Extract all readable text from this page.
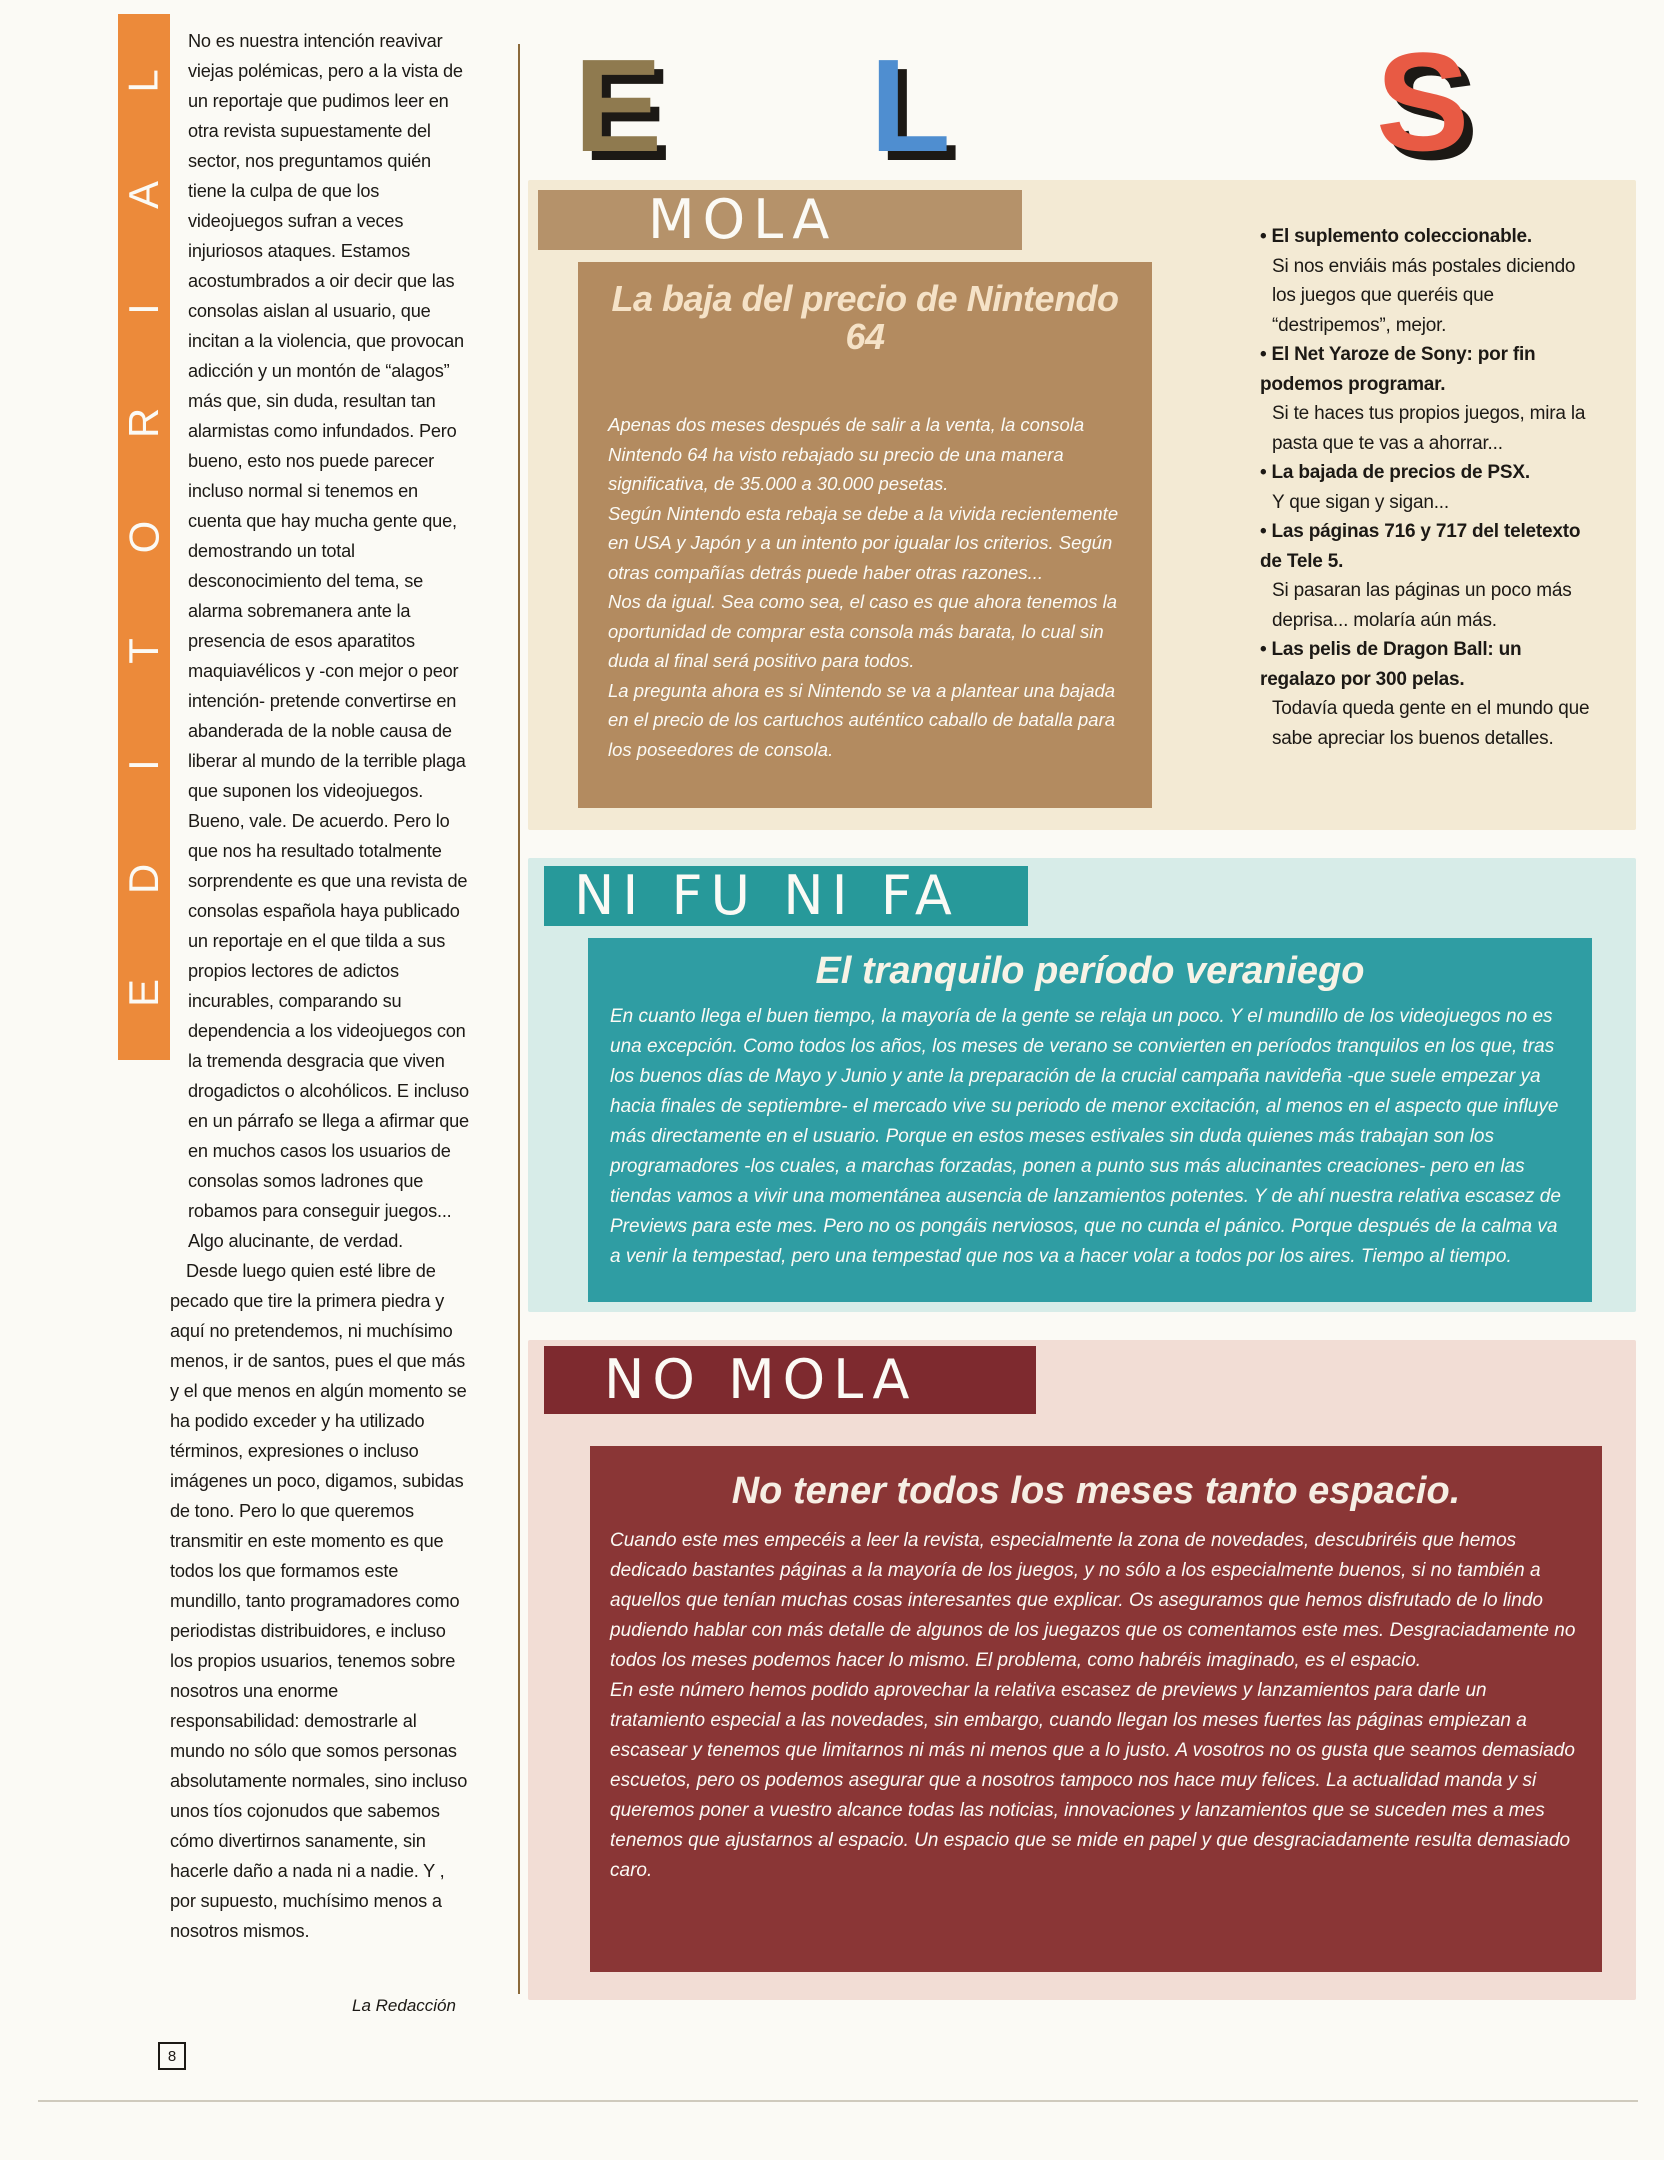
L
A
I
R
O
T
I
D
E

No es nuestra intención reavivar viejas polémicas, pero a la vista de un reportaje que pudimos leer en otra revista supuestamente del sector, nos preguntamos quién tiene la culpa de que los videojuegos sufran a veces injuriosos ataques. Estamos acostumbrados a oir decir que las consolas aislan al usuario, que incitan a la violencia, que provocan adicción y un montón de “alagos” más que, sin duda, resultan tan alarmistas como infundados. Pero bueno, esto nos puede parecer incluso normal si tenemos en cuenta que hay mucha gente que, demostrando un total desconocimiento del tema, se alarma sobremanera ante la presencia de esos aparatitos maquiavélicos y -con mejor o peor intención- pretende convertirse en abanderada de la noble causa de liberar al mundo de la terrible plaga que suponen los videojuegos. Bueno, vale. De acuerdo. Pero lo que nos ha resultado totalmente sorprendente es que una revista de consolas española haya publicado un reportaje en el que tilda a sus propios lectores de adictos incurables, comparando su dependencia a los videojuegos con la tremenda desgracia que viven drogadictos o alcohólicos. E incluso en un párrafo se llega a afirmar que en muchos casos los usuarios de consolas somos ladrones que robamos para conseguir juegos... Algo alucinante, de verdad.

Desde luego quien esté libre de pecado que tire la primera piedra y aquí no pretendemos, ni muchísimo menos, ir de santos, pues el que más y el que menos en algún momento se ha podido exceder y ha utilizado términos, expresiones o incluso imágenes un poco, digamos, subidas de tono. Pero lo que queremos transmitir en este momento es que todos los que formamos este mundillo, tanto programadores como periodistas distribuidores, e incluso los propios usuarios, tenemos sobre nosotros una enorme responsabilidad: demostrarle al mundo no sólo que somos personas absolutamente normales, sino incluso unos tíos cojonudos que sabemos cómo divertirnos sanamente, sin hacerle daño a nada ni a nadie. Y , por supuesto, muchísimo menos a nosotros mismos.

La Redacción
8
E L	S
MOLA

La baja del precio de Nintendo 64

Apenas dos meses después de salir a la venta, la consola Nintendo 64 ha visto rebajado su precio de una manera significativa, de 35.000 a 30.000 pesetas.
Según Nintendo esta rebaja se debe a la vivida recientemente en USA y Japón y a un intento por igualar los criterios. Según otras compañías detrás puede haber otras razones...
Nos da igual. Sea como sea, el caso es que ahora tenemos la oportunidad de comprar esta consola más barata, lo cual sin duda al final será positivo para todos.
La pregunta ahora es si Nintendo se va a plantear una bajada en el precio de los cartuchos auténtico caballo de batalla para los poseedores de consola.

• El suplemento coleccionable.

Si nos enviáis más postales diciendo los juegos que queréis que “destripemos”, mejor.

• El Net Yaroze de Sony: por fin podemos programar.

Si te haces tus propios juegos, mira la pasta que te vas a ahorrar...

• La bajada de precios de PSX.

Y que sigan y sigan...

• Las páginas 716 y 717 del teletexto de Tele 5.

Si pasaran las páginas un poco más deprisa... molaría aún más.

• Las pelis de Dragon Ball: un regalazo por 300 pelas.

Todavía queda gente en el mundo que sabe apreciar los buenos detalles.

NI FU NI FA

El tranquilo período veraniego

En cuanto llega el buen tiempo, la mayoría de la gente se relaja un poco. Y el mundillo de los videojuegos no es una excepción. Como todos los años, los meses de verano se convierten en períodos tranquilos en los que, tras los buenos días de Mayo y Junio y ante la preparación de la crucial campaña navideña -que suele empezar ya hacia finales de septiembre- el mercado vive su periodo de menor excitación, al menos en el aspecto que influye más directamente en el usuario. Porque en estos meses estivales sin duda quienes más trabajan son los programadores -los cuales, a marchas forzadas, ponen a punto sus más alucinantes creaciones- pero en las tiendas vamos a vivir una momentánea ausencia de lanzamientos potentes. Y de ahí nuestra relativa escasez de Previews para este mes. Pero no os pongáis nerviosos, que no cunda el pánico. Porque después de la calma va a venir la tempestad, pero una tempestad que nos va a hacer volar a todos por los aires. Tiempo al tiempo.

NO MOLA

No tener todos los meses tanto espacio.

Cuando este mes empecéis a leer la revista, especialmente la zona de novedades, descubriréis que hemos dedicado bastantes páginas a la mayoría de los juegos, y no sólo a los especialmente buenos, si no también a aquellos que tenían muchas cosas interesantes que explicar. Os aseguramos que hemos disfrutado de lo lindo pudiendo hablar con más detalle de algunos de los juegazos que os comentamos este mes. Desgraciadamente no todos los meses podemos hacer lo mismo. El problema, como habréis imaginado, es el espacio.
En este número hemos podido aprovechar la relativa escasez de previews y lanzamientos para darle un tratamiento especial a las novedades, sin embargo, cuando llegan los meses fuertes las páginas empiezan a escasear y tenemos que limitarnos ni más ni menos que a lo justo. A vosotros no os gusta que seamos demasiado escuetos, pero os podemos asegurar que a nosotros tampoco nos hace muy felices. La actualidad manda y si queremos poner a vuestro alcance todas las noticias, innovaciones y lanzamientos que se suceden mes a mes tenemos que ajustarnos al espacio. Un espacio que se mide en papel y que desgraciadamente resulta demasiado caro.
